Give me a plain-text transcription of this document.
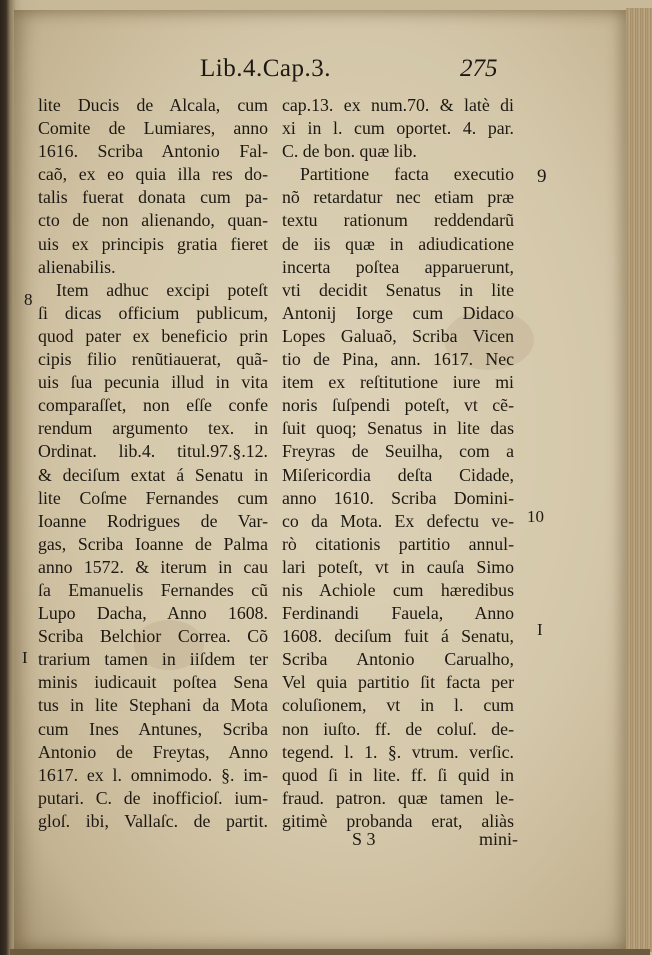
Lib.4.Cap.3.	275
lite Ducis de Alcala, cum
Comite de Lumiares, anno
1616. Scriba Antonio Fal-
caõ, ex eo quia illa res do-
talis fuerat donata cum pa-
cto de non alienando, quan-
uis ex principis gratia fieret
alienabilis.
Item adhuc excipi poteſt
ſi dicas officium publicum,
quod pater ex beneficio prin
cipis filio renũtiauerat, quã-
uis ſua pecunia illud in vita
comparaſſet, non eſſe confe
rendum argumento tex. in
Ordinat. lib.4. titul.97.§.12.
& deciſum extat á Senatu in
lite Coſme Fernandes cum
Ioanne Rodrigues de Var-
gas, Scriba Ioanne de Palma
anno 1572. & iterum in cau
ſa Emanuelis Fernandes cũ
Lupo Dacha, Anno 1608.
Scriba Belchior Correa. Cõ
trarium tamen in iiſdem ter
minis iudicauit poſtea Sena
tus in lite Stephani da Mota
cum Ines Antunes, Scriba
Antonio de Freytas, Anno
1617. ex l. omnimodo. §. im-
putari. C. de inofficioſ. ium-
gloſ. ibi, Vallaſc. de partit.
cap.13. ex num.70. & latè di
xi in l. cum oportet. 4. par.
C. de bon. quæ lib.
Partitione facta executio
nõ retardatur nec etiam præ
textu rationum reddendarũ
de iis quæ in adiudicatione
incerta poſtea apparuerunt,
vti decidit Senatus in lite
Antonij Iorge cum Didaco
Lopes Galuaõ, Scriba Vicen
tio de Pina, ann. 1617. Nec
item ex reſtitutione iure mi
noris ſuſpendi poteſt, vt cẽ-
ſuit quoq; Senatus in lite das
Freyras de Seuilha, com a
Miſericordia deſta Cidade,
anno 1610. Scriba Domini-
co da Mota. Ex defectu ve-
rò citationis partitio annul-
lari poteſt, vt in cauſa Simo
nis Achiole cum hæredibus
Ferdinandi Fauela, Anno
1608. deciſum fuit á Senatu,
Scriba Antonio Carualho,
Vel quia partitio ſit facta per
coluſionem, vt in l. cum
non iuſto. ff. de coluſ. de-
tegend. l. 1. §. vtrum. verſic.
quod ſi in lite. ff. ſi quid in
fraud. patron. quæ tamen le-
gitimè probanda erat, aliàs
8
I
9
10
I
S 3	mini-
